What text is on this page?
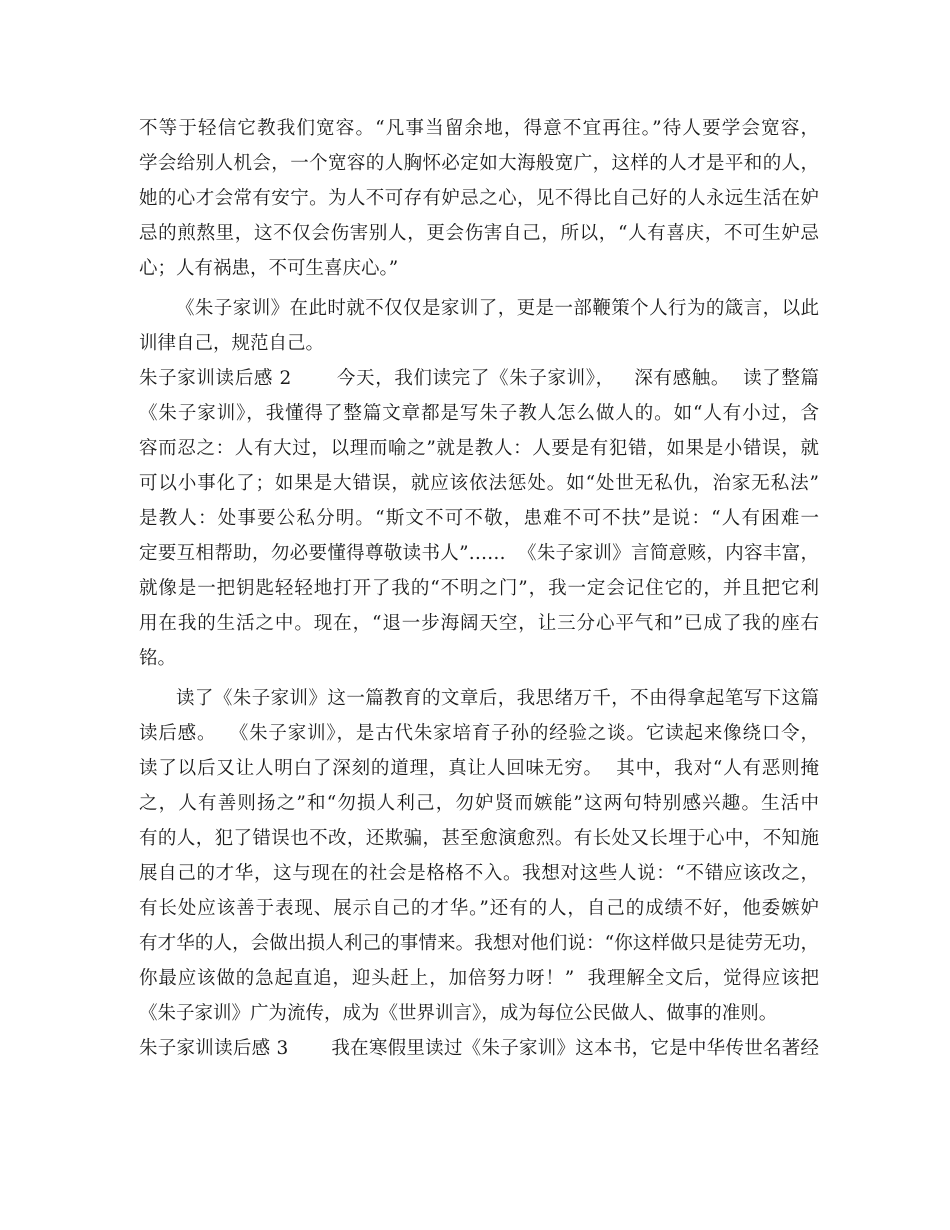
不等于轻信它教我们宽容。“凡事当留余地，得意不宜再往。”待人要学会宽容，
学会给别人机会，一个宽容的人胸怀必定如大海般宽广，这样的人才是平和的人，
她的心才会常有安宁。为人不可存有妒忌之心，见不得比自己好的人永远生活在妒
忌的煎熬里，这不仅会伤害别人，更会伤害自己，所以，“人有喜庆，不可生妒忌
心；人有祸患，不可生喜庆心。”
《朱子家训》在此时就不仅仅是家训了，更是一部鞭策个人行为的箴言，以此
训律自己，规范自己。
朱子家训读后感 2       今天，我们读完了《朱子家训》，   深有感触。  读了整篇
《朱子家训》，我懂得了整篇文章都是写朱子教人怎么做人的。如“人有小过，含
容而忍之：人有大过，以理而喻之”就是教人：人要是有犯错，如果是小错误，就
可以小事化了；如果是大错误，就应该依法惩处。如“处世无私仇，治家无私法”
是教人：处事要公私分明。“斯文不可不敬，患难不可不扶”是说：“人有困难一
定要互相帮助，勿必要懂得尊敬读书人”……  《朱子家训》言简意赅，内容丰富，
就像是一把钥匙轻轻地打开了我的“不明之门”，我一定会记住它的，并且把它利
用在我的生活之中。现在，“退一步海阔天空，让三分心平气和”已成了我的座右
铭。
读了《朱子家训》这一篇教育的文章后，我思绪万千，不由得拿起笔写下这篇
读后感。  《朱子家训》，是古代朱家培育子孙的经验之谈。它读起来像绕口令，
读了以后又让人明白了深刻的道理，真让人回味无穷。  其中，我对“人有恶则掩
之，人有善则扬之”和“勿损人利己，勿妒贤而嫉能”这两句特别感兴趣。生活中
有的人，犯了错误也不改，还欺骗，甚至愈演愈烈。有长处又长埋于心中，不知施
展自己的才华，这与现在的社会是格格不入。我想对这些人说：“不错应该改之，
有长处应该善于表现、展示自己的才华。”还有的人，自己的成绩不好，他委嫉妒
有才华的人，会做出损人利己的事情来。我想对他们说：“你这样做只是徒劳无功，
你最应该做的急起直追，迎头赶上，加倍努力呀！”  我理解全文后，觉得应该把
《朱子家训》广为流传，成为《世界训言》，成为每位公民做人、做事的准则。
朱子家训读后感 3       我在寒假里读过《朱子家训》这本书，它是中华传世名著经
